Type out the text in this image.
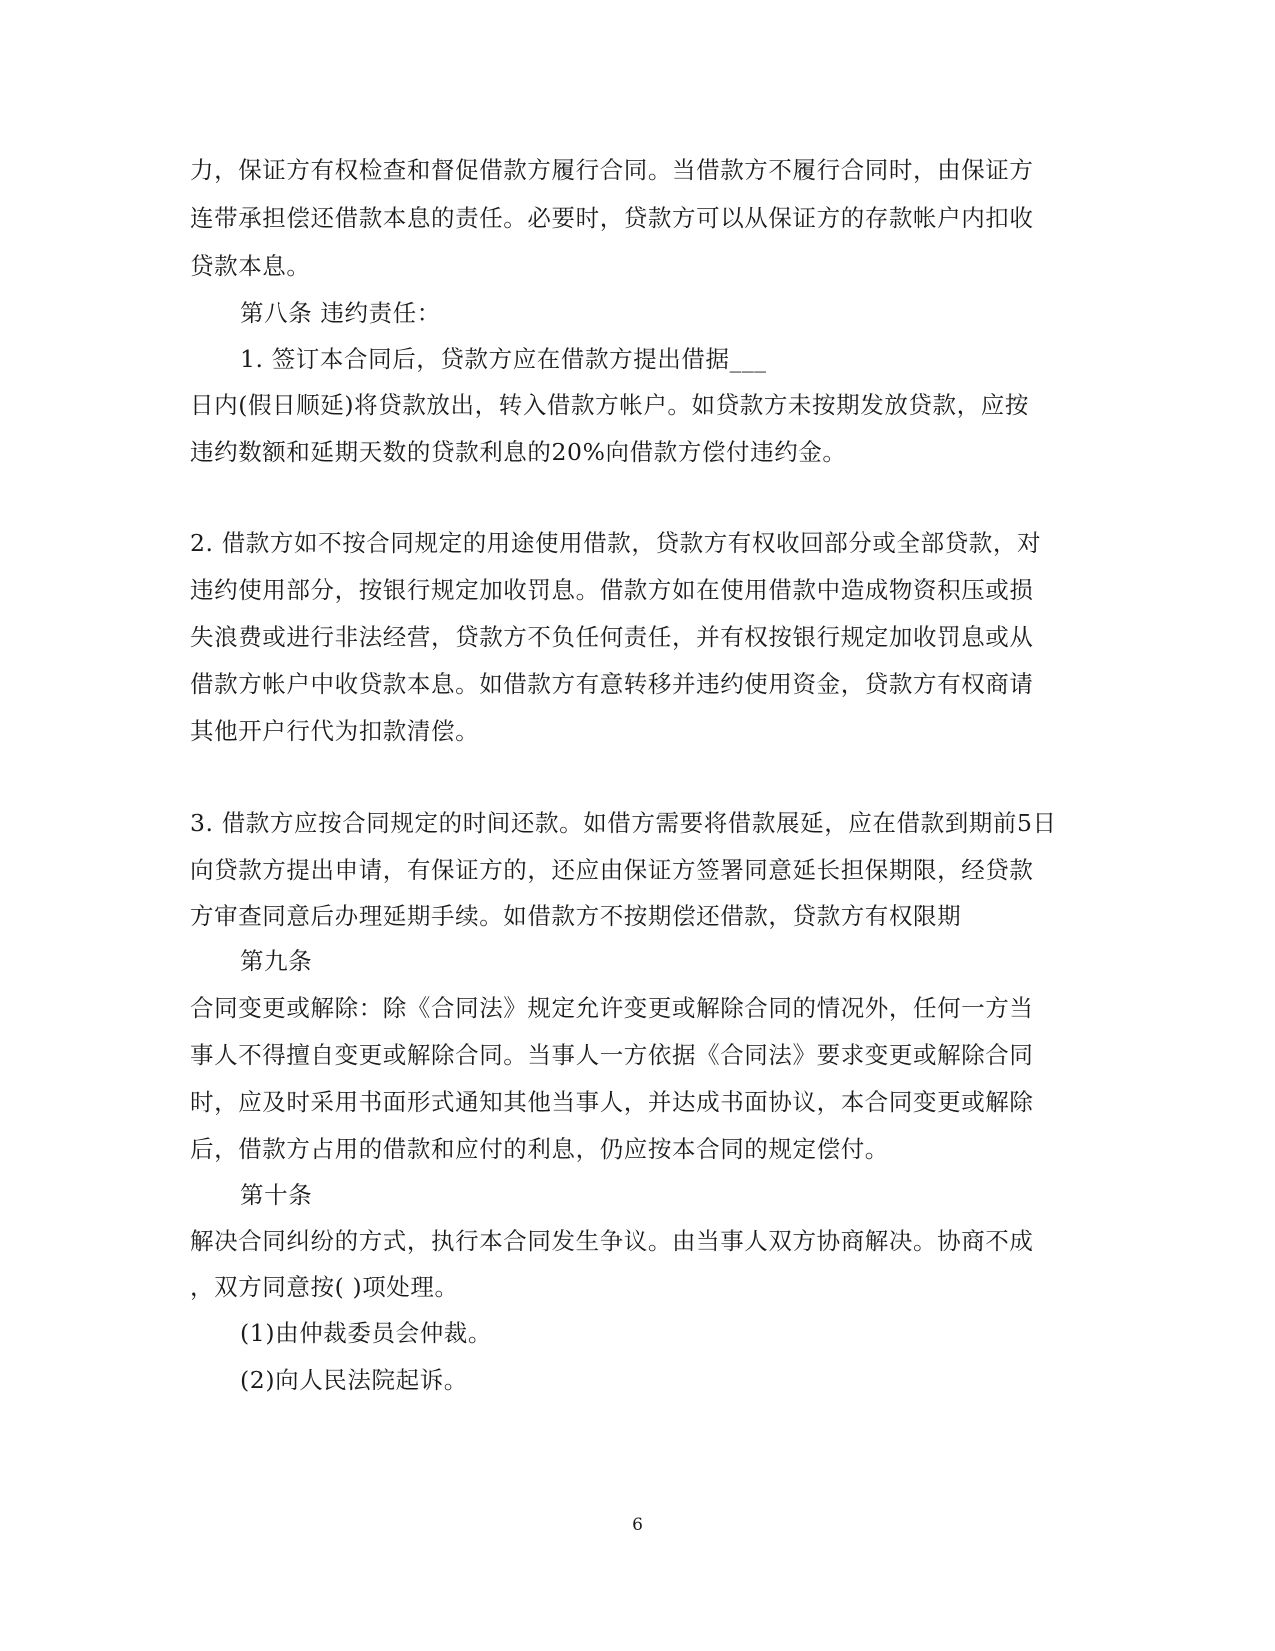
力，保证方有权检查和督促借款方履行合同。当借款方不履行合同时，由保证方
连带承担偿还借款本息的责任。必要时，贷款方可以从保证方的存款帐户内扣收
贷款本息。
第八条 违约责任：
1. 签订本合同后，贷款方应在借款方提出借据___
日内(假日顺延)将贷款放出，转入借款方帐户。如贷款方未按期发放贷款，应按
违约数额和延期天数的贷款利息的20%向借款方偿付违约金。
2. 借款方如不按合同规定的用途使用借款，贷款方有权收回部分或全部贷款，对
违约使用部分，按银行规定加收罚息。借款方如在使用借款中造成物资积压或损
失浪费或进行非法经营，贷款方不负任何责任，并有权按银行规定加收罚息或从
借款方帐户中收贷款本息。如借款方有意转移并违约使用资金，贷款方有权商请
其他开户行代为扣款清偿。
3. 借款方应按合同规定的时间还款。如借方需要将借款展延，应在借款到期前5日
向贷款方提出申请，有保证方的，还应由保证方签署同意延长担保期限，经贷款
方审查同意后办理延期手续。如借款方不按期偿还借款，贷款方有权限期
第九条
合同变更或解除：除《合同法》规定允许变更或解除合同的情况外，任何一方当
事人不得擅自变更或解除合同。当事人一方依据《合同法》要求变更或解除合同
时，应及时采用书面形式通知其他当事人，并达成书面协议，本合同变更或解除
后，借款方占用的借款和应付的利息，仍应按本合同的规定偿付。
第十条
解决合同纠纷的方式，执行本合同发生争议。由当事人双方协商解决。协商不成
，双方同意按( )项处理。
(1)由仲裁委员会仲裁。
(2)向人民法院起诉。
6
